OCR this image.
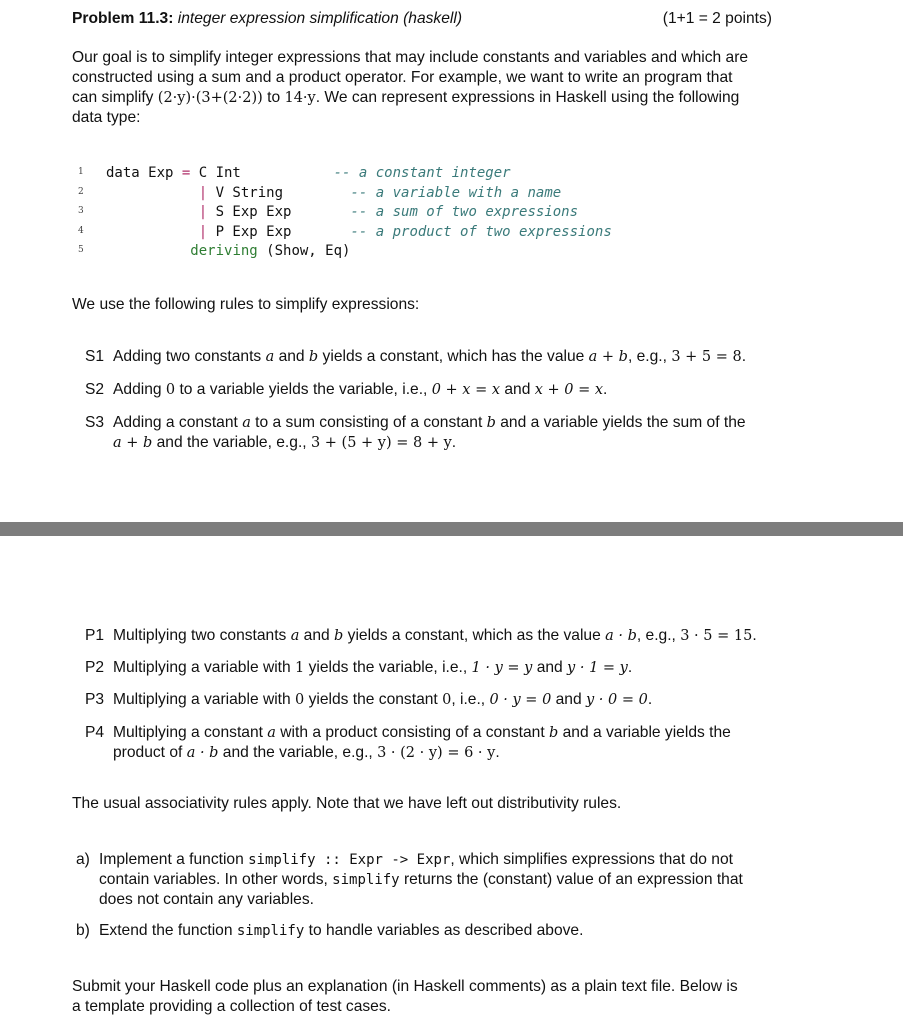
Problem 11.3: integer expression simplification (haskell)	(1+1 = 2 points)
Our goal is to simplify integer expressions that may include constants and variables and which are
constructed using a sum and a product operator. For example, we want to write an program that
can simplify (2·y)·(3+(2·2)) to 14·y. We can represent expressions in Haskell using the following
data type:
1 data Exp = C Int	-- a constant integer
2	| V String	-- a variable with a name
3	| S Exp Exp	-- a sum of two expressions
4	| P Exp Exp	-- a product of two expressions
5	deriving (Show, Eq)
We use the following rules to simplify expressions:
S1 Adding two constants a and b yields a constant, which has the value a + b, e.g., 3 + 5 = 8.
S2 Adding 0 to a variable yields the variable, i.e., 0 + x = x and x + 0 = x.
S3 Adding a constant a to a sum consisting of a constant b and a variable yields the sum of the
a + b and the variable, e.g., 3 + (5 + y) = 8 + y.
P1 Multiplying two constants a and b yields a constant, which as the value a · b, e.g., 3 · 5 = 15.
P2 Multiplying a variable with 1 yields the variable, i.e., 1 · y = y and y · 1 = y.
P3 Multiplying a variable with 0 yields the constant 0, i.e., 0 · y = 0 and y · 0 = 0.
P4 Multiplying a constant a with a product consisting of a constant b and a variable yields the
product of a · b and the variable, e.g., 3 · (2 · y) = 6 · y.
The usual associativity rules apply. Note that we have left out distributivity rules.
a) Implement a function simplify :: Expr -> Expr, which simplifies expressions that do not
contain variables. In other words, simplify returns the (constant) value of an expression that
does not contain any variables.
b) Extend the function simplify to handle variables as described above.
Submit your Haskell code plus an explanation (in Haskell comments) as a plain text file. Below is
a template providing a collection of test cases.
